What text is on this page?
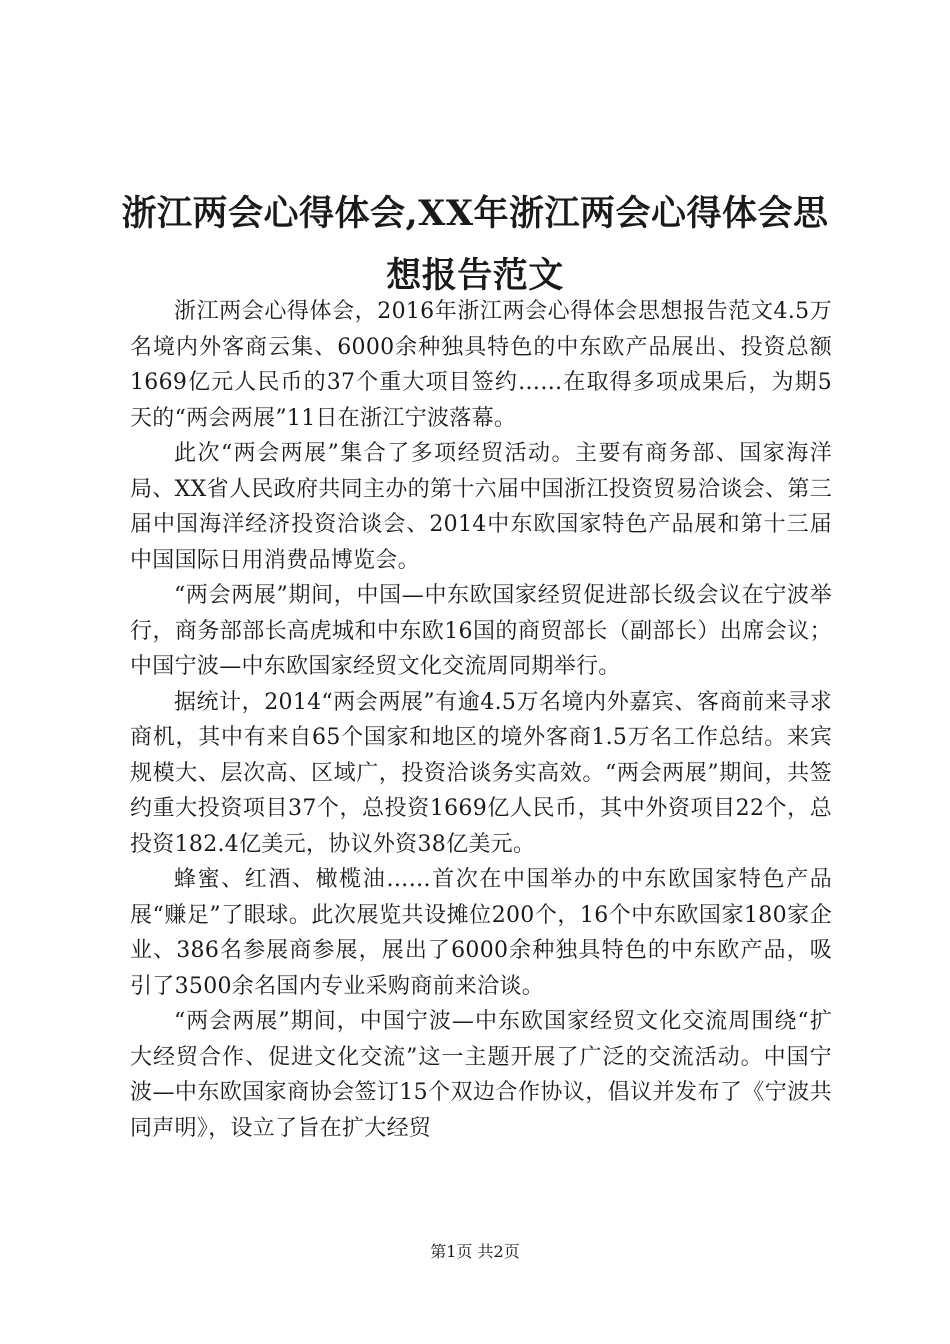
浙江两会心得体会,XX年浙江两会心得体会思想报告范文

浙江两会心得体会，2016年浙江两会心得体会思想报告范文4.5万名境内外客商云集、6000余种独具特色的中东欧产品展出、投资总额1669亿元人民币的37个重大项目签约……在取得多项成果后，为期5天的“两会两展”11日在浙江宁波落幕。

此次“两会两展”集合了多项经贸活动。主要有商务部、国家海洋局、XX省人民政府共同主办的第十六届中国浙江投资贸易洽谈会、第三届中国海洋经济投资洽谈会、2014中东欧国家特色产品展和第十三届中国国际日用消费品博览会。

“两会两展”期间，中国—中东欧国家经贸促进部长级会议在宁波举行，商务部部长高虎城和中东欧16国的商贸部长（副部长）出席会议；中国宁波—中东欧国家经贸文化交流周同期举行。

据统计，2014“两会两展”有逾4.5万名境内外嘉宾、客商前来寻求商机，其中有来自65个国家和地区的境外客商1.5万名工作总结。来宾规模大、层次高、区域广，投资洽谈务实高效。“两会两展”期间，共签约重大投资项目37个，总投资1669亿人民币，其中外资项目22个，总投资182.4亿美元，协议外资38亿美元。

蜂蜜、红酒、橄榄油……首次在中国举办的中东欧国家特色产品展“赚足”了眼球。此次展览共设摊位200个，16个中东欧国家180家企业、386名参展商参展，展出了6000余种独具特色的中东欧产品，吸引了3500余名国内专业采购商前来洽谈。

“两会两展”期间，中国宁波—中东欧国家经贸文化交流周围绕“扩大经贸合作、促进文化交流”这一主题开展了广泛的交流活动。中国宁波—中东欧国家商协会签订15个双边合作协议，倡议并发布了《宁波共同声明》，设立了旨在扩大经贸

第1页 共2页
